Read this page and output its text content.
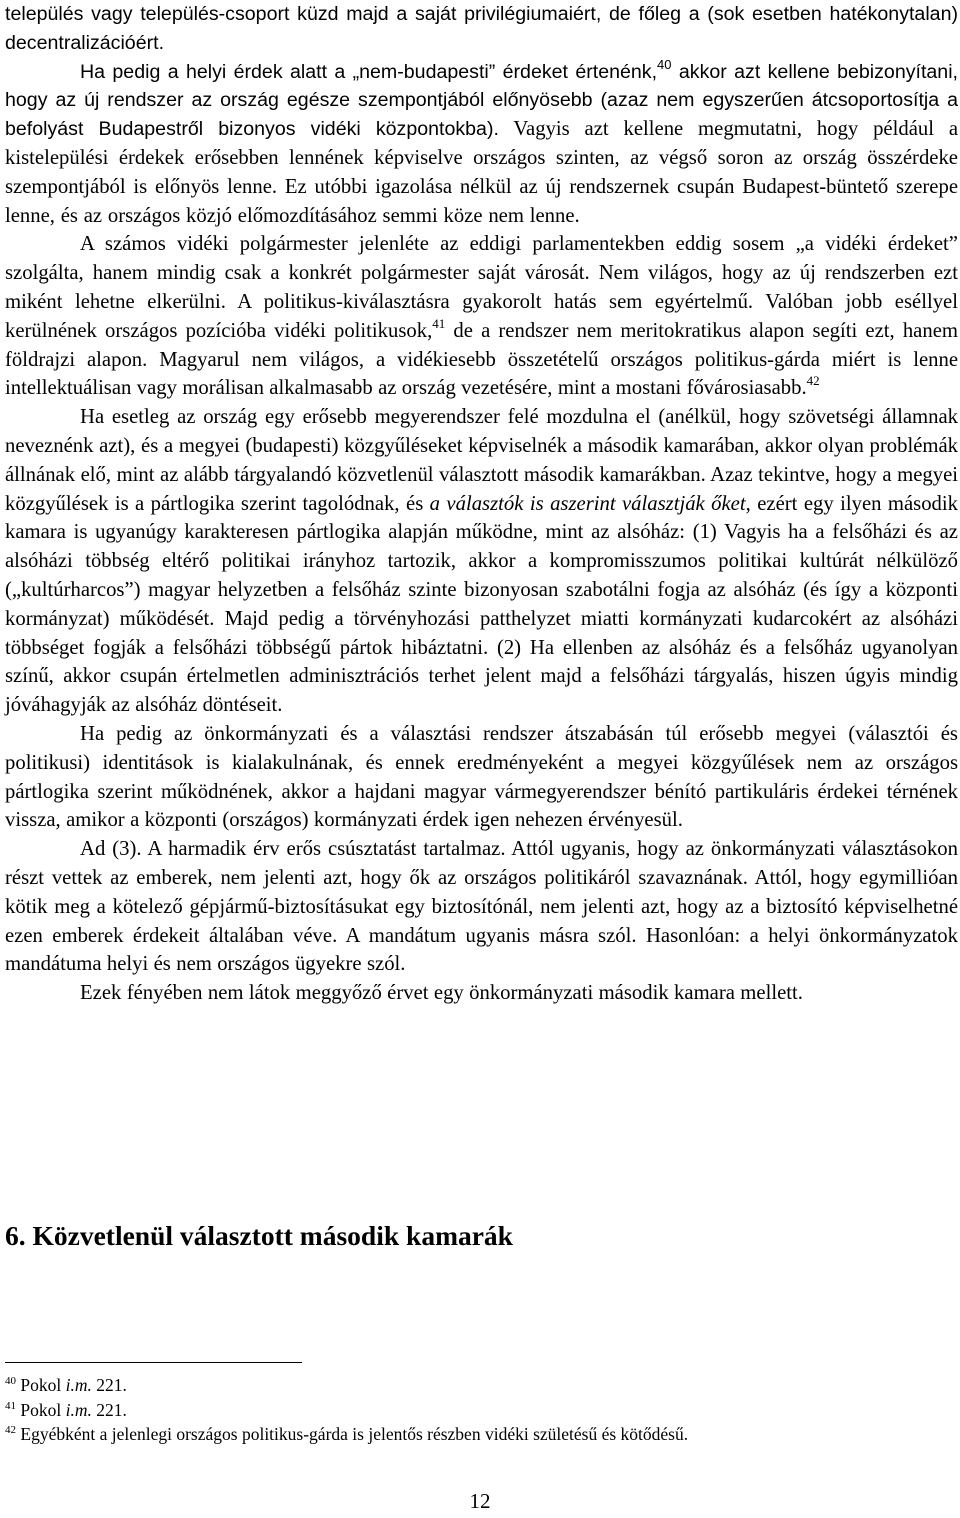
település vagy település-csoport küzd majd a saját privilégiumaiért, de főleg a (sok esetben hatékonytalan) decentralizációért.

Ha pedig a helyi érdek alatt a „nem-budapesti” érdeket értenénk,$^{40}$ akkor azt kellene bebizonyítani, hogy az új rendszer az ország egésze szempontjából előnyösebb (azaz nem egyszerűen átcsoportosítja a befolyást Budapestről bizonyos vidéki központokba). Vagyis azt kellene megmutatni, hogy például a kistelepülési érdekek erősebben lennének képviselve országos szinten, az végső soron az ország összérdeke szempontjából is előnyös lenne. Ez utóbbi igazolása nélkül az új rendszernek csupán Budapest-büntető szerepe lenne, és az országos közjó előmozdításához semmi köze nem lenne.

A számos vidéki polgármester jelenléte az eddigi parlamentekben eddig sosem „a vidéki érdeket” szolgálta, hanem mindig csak a konkrét polgármester saját városát. Nem világos, hogy az új rendszerben ezt miként lehetne elkerülni. A politikus-kiválasztásra gyakorolt hatás sem egyértelmű. Valóban jobb eséllyel kerülnének országos pozícióba vidéki politikusok,$^{41}$ de a rendszer nem meritokratikus alapon segíti ezt, hanem földrajzi alapon. Magyarul nem világos, a vidékiesebb összetételű országos politikus-gárda miért is lenne intellektuálisan vagy morálisan alkalmasabb az ország vezetésére, mint a mostani fővárosiasabb.$^{42}$

Ha esetleg az ország egy erősebb megyerendszer felé mozdulna el (anélkül, hogy szövetségi államnak neveznénk azt), és a megyei (budapesti) közgyűléseket képviselnék a második kamarában, akkor olyan problémák állnának elő, mint az alább tárgyalandó közvetlenül választott második kamarákban. Azaz tekintve, hogy a megyei közgyűlések is a pártlogika szerint tagolódnak, és a választók is aszerint választják őket, ezért egy ilyen második kamara is ugyanúgy karakteresen pártlogika alapján működne, mint az alsóház: (1) Vagyis ha a felsőházi és az alsóházi többség eltérő politikai irányhoz tartozik, akkor a kompromisszumos politikai kultúrát nélkülöző („kultúrharcos”) magyar helyzetben a felsőház szinte bizonyosan szabotálni fogja az alsóház (és így a központi kormányzat) működését. Majd pedig a törvényhozási patthelyzet miatti kormányzati kudarcokért az alsóházi többséget fogják a felsőházi többségű pártok hibáztatni. (2) Ha ellenben az alsóház és a felsőház ugyanolyan színű, akkor csupán értelmetlen adminisztrációs terhet jelent majd a felsőházi tárgyalás, hiszen úgyis mindig jóváhagyják az alsóház döntéseit.

Ha pedig az önkormányzati és a választási rendszer átszabásán túl erősebb megyei (választói és politikusi) identitások is kialakulnának, és ennek eredményeként a megyei közgyűlések nem az országos pártlogika szerint működnének, akkor a hajdani magyar vármegyerendszer bénító partikuláris érdekei térnének vissza, amikor a központi (országos) kormányzati érdek igen nehezen érvényesül.

Ad (3). A harmadik érv erős csúsztatást tartalmaz. Attól ugyanis, hogy az önkormányzati választásokon részt vettek az emberek, nem jelenti azt, hogy ők az országos politikáról szavaznának. Attól, hogy egymillióan kötik meg a kötelező gépjármű-biztosításukat egy biztosítónál, nem jelenti azt, hogy az a biztosító képviselhetné ezen emberek érdekeit általában véve. A mandátum ugyanis másra szól. Hasonlóan: a helyi önkormányzatok mandátuma helyi és nem országos ügyekre szól.

Ezek fényében nem látok meggyőző érvet egy önkormányzati második kamara mellett.

6. Közvetlenül választott második kamarák

$^{40}$ Pokol i.m. 221.

$^{41}$ Pokol i.m. 221.

$^{42}$ Egyébként a jelenlegi országos politikus-gárda is jelentős részben vidéki születésű és kötődésű.

12
